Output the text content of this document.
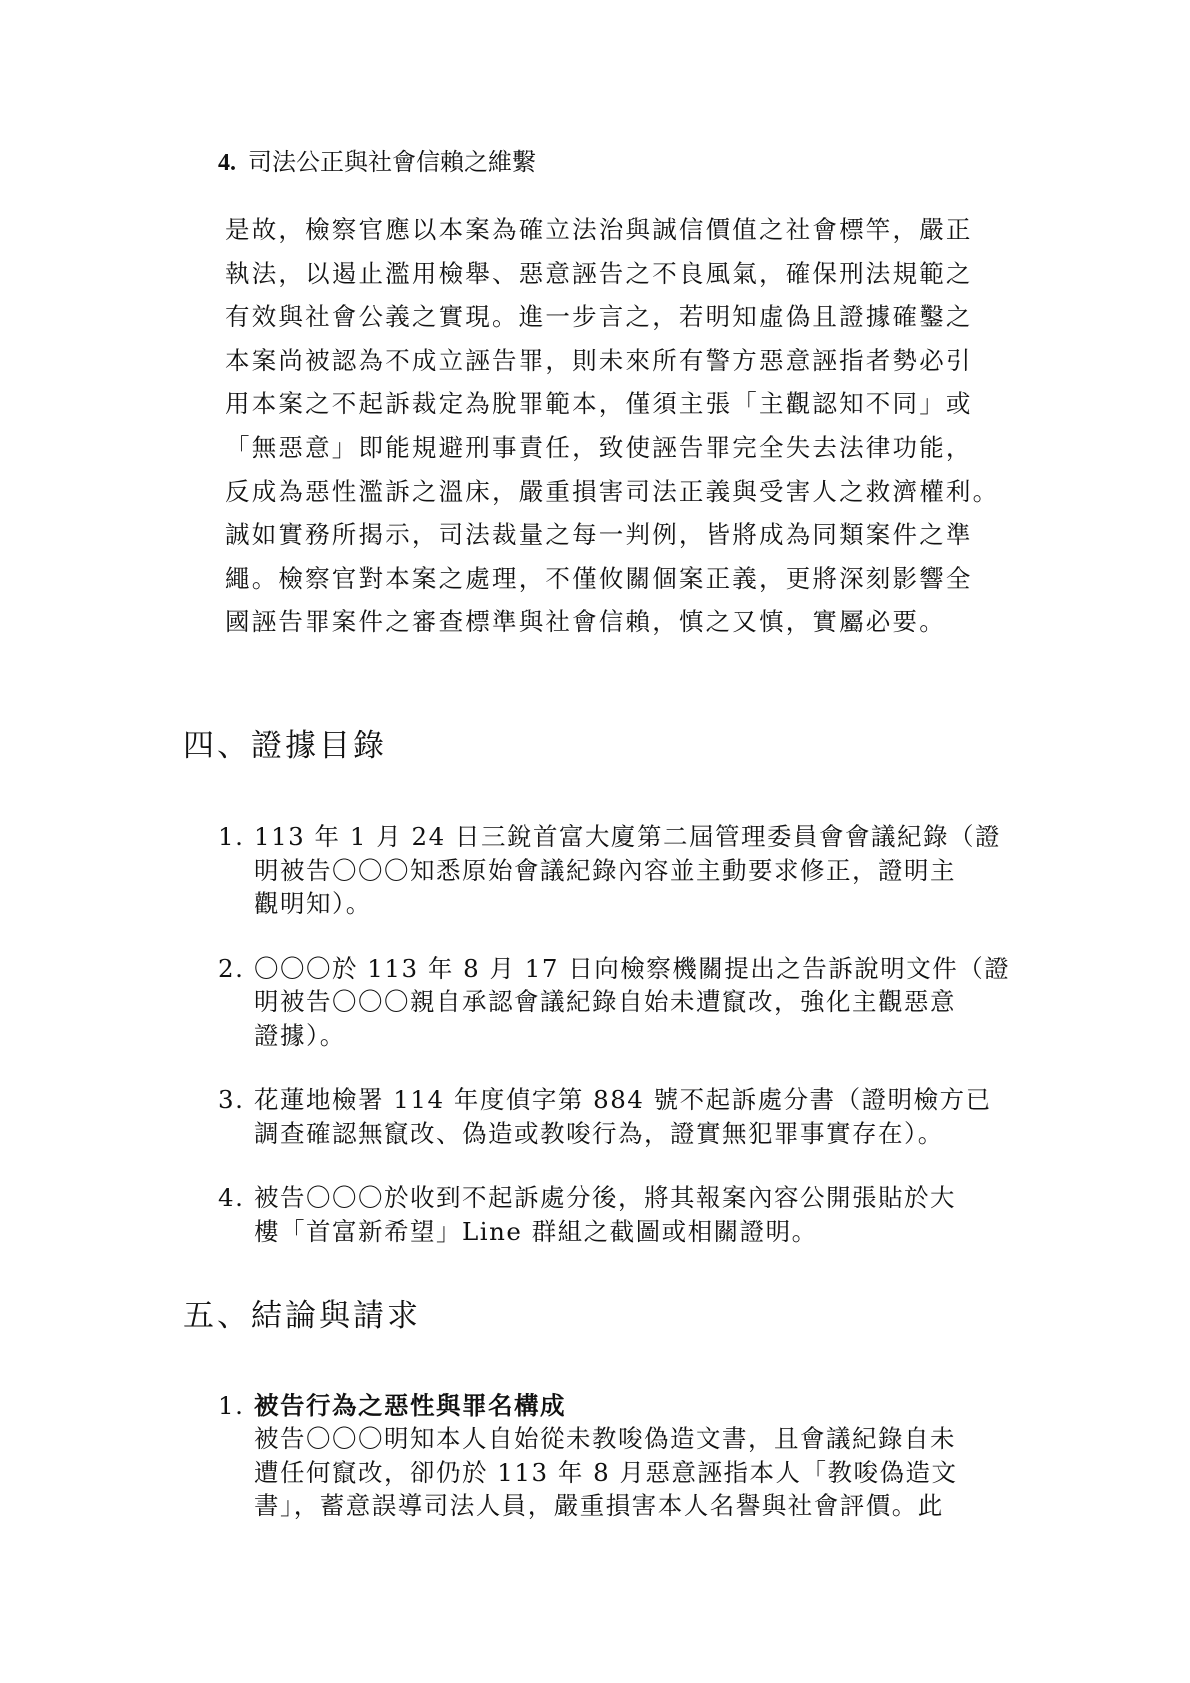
4. 司法公正與社會信賴之維繫
是故，檢察官應以本案為確立法治與誠信價值之社會標竿，嚴正
執法，以遏止濫用檢舉、惡意誣告之不良風氣，確保刑法規範之
有效與社會公義之實現。進一步言之，若明知虛偽且證據確鑿之
本案尚被認為不成立誣告罪，則未來所有警方惡意誣指者勢必引
用本案之不起訴裁定為脫罪範本，僅須主張「主觀認知不同」或
「無惡意」即能規避刑事責任，致使誣告罪完全失去法律功能，
反成為惡性濫訴之溫床，嚴重損害司法正義與受害人之救濟權利。
誠如實務所揭示，司法裁量之每一判例，皆將成為同類案件之準
繩。檢察官對本案之處理，不僅攸關個案正義，更將深刻影響全
國誣告罪案件之審查標準與社會信賴，慎之又慎，實屬必要。
四、證據目錄
1. 113 年 1 月 24 日三銳首富大廈第二屆管理委員會會議紀錄（證
明被告〇〇〇知悉原始會議紀錄內容並主動要求修正，證明主
觀明知）。
2. 〇〇〇於 113 年 8 月 17 日向檢察機關提出之告訴說明文件（證
明被告〇〇〇親自承認會議紀錄自始未遭竄改，強化主觀惡意
證據）。
3. 花蓮地檢署 114 年度偵字第 884 號不起訴處分書（證明檢方已
調查確認無竄改、偽造或教唆行為，證實無犯罪事實存在）。
4. 被告〇〇〇於收到不起訴處分後，將其報案內容公開張貼於大
樓「首富新希望」Line 群組之截圖或相關證明。
五、結論與請求
1. 被告行為之惡性與罪名構成
被告〇〇〇明知本人自始從未教唆偽造文書，且會議紀錄自未
遭任何竄改，卻仍於 113 年 8 月惡意誣指本人「教唆偽造文
書」，蓄意誤導司法人員，嚴重損害本人名譽與社會評價。此
